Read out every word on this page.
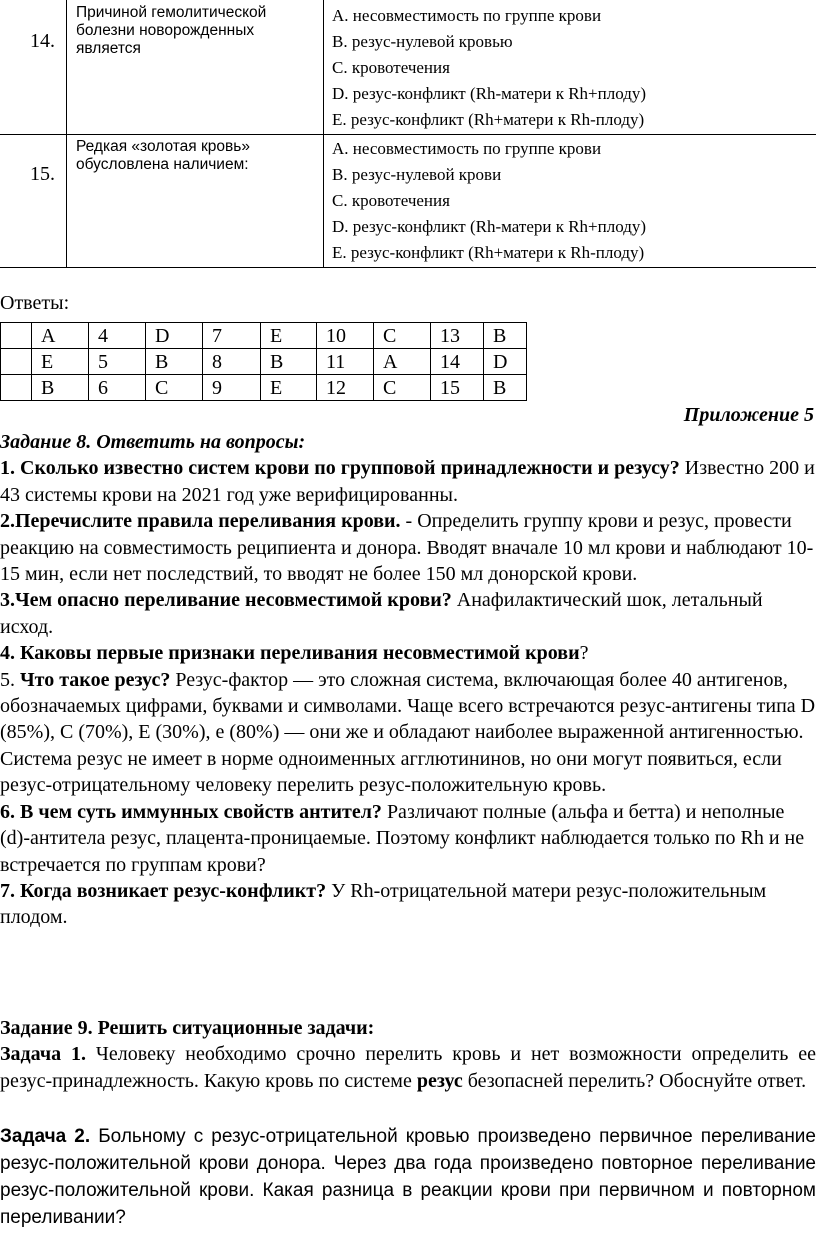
14.
Причиной гемолитической болезни новорожденных является
A. несовместимость по группе крови
B. резус-нулевой кровью
C. кровотечения
D. резус-конфликт (Rh-матери к Rh+плоду)
E. резус-конфликт (Rh+матери к Rh-плоду)
15.
Редкая «золотая кровь» обусловлена наличием:
A. несовместимость по группе крови
B. резус-нулевой крови
C. кровотечения
D. резус-конфликт (Rh-матери к Rh+плоду)
E. резус-конфликт (Rh+матери к Rh-плоду)
Ответы:
	A	4	D	7	E	10	C	13	B
	E	5	B	8	B	11	A	14	D
	B	6	C	9	E	12	C	15	B
Приложение 5

Задание 8. Ответить на вопросы:

1. Сколько известно систем крови по групповой принадлежности и резусу? Известно 200 и 43 системы крови на 2021 год уже верифицированны.

2.Перечислите правила переливания крови. - Определить группу крови и резус, провести реакцию на совместимость реципиента и донора. Вводят вначале 10 мл крови и наблюдают 10-15 мин, если нет последствий, то вводят не более 150 мл донорской крови.

3.Чем опасно переливание несовместимой крови? Анафилактический шок, летальный исход.

4. Каковы первые признаки переливания несовместимой крови?

5. Что такое резус? Резус-фактор — это сложная система, включающая более 40 антигенов, обозначаемых цифрами, буквами и символами. Чаще всего встречаются резус-антигены типа D (85%), C (70%), E (30%), e (80%) — они же и обладают наиболее выраженной антигенностью. Система резус не имеет в норме одноименных агглютининов, но они могут появиться, если резус-отрицательному человеку перелить резус-положительную кровь.

6. В чем суть иммунных свойств антител? Различают полные (альфа и бетта) и неполные (d)-антитела резус, плацента-проницаемые. Поэтому конфликт наблюдается только по Rh и не встречается по группам крови?

7. Когда возникает резус-конфликт? У Rh-отрицательной матери резус-положительным плодом.

Задание 9. Решить ситуационные задачи:

Задача 1. Человеку необходимо срочно перелить кровь и нет возможности определить ее резус-принадлежность. Какую кровь по системе резус безопасней перелить? Обоснуйте ответ.

Задача 2. Больному с резус-отрицательной кровью произведено первичное переливание резус-положительной крови донора. Через два года произведено повторное переливание резус-положительной крови. Какая разница в реакции крови при первичном и повторном переливании?
